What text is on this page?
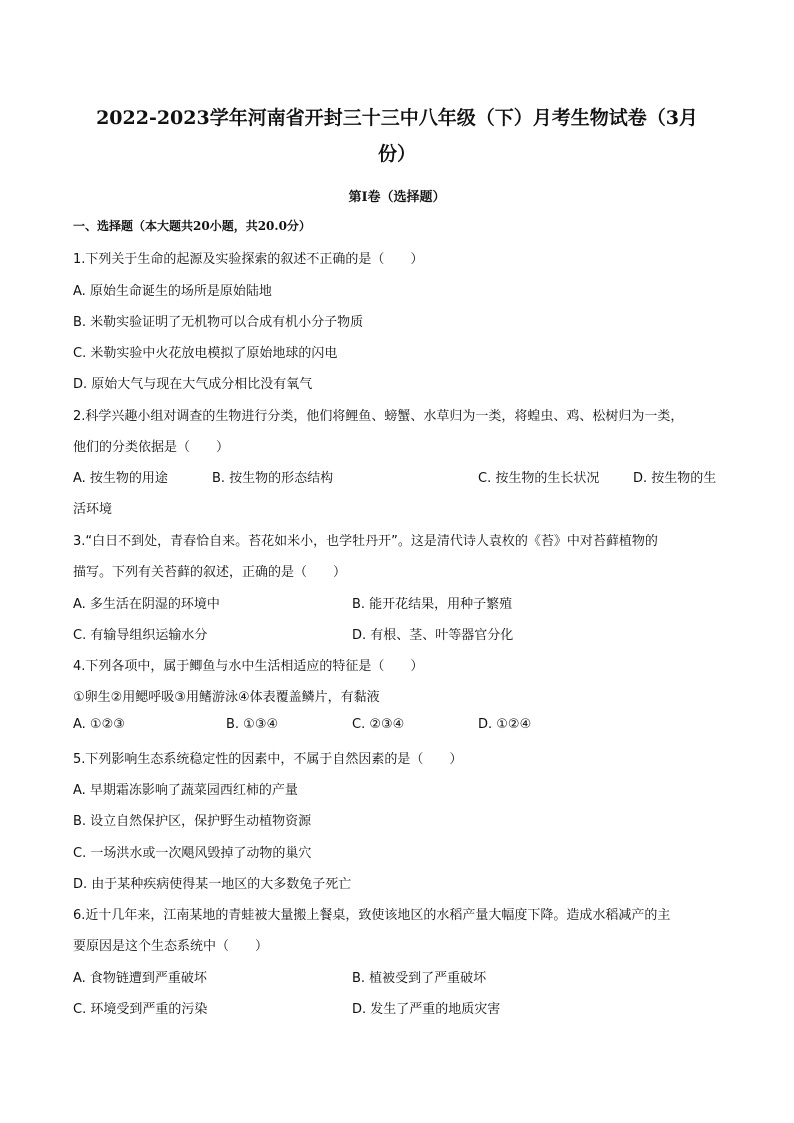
2022-2023学年河南省开封三十三中八年级（下）月考生物试卷（3月
份）
第I卷（选择题）
一、选择题（本大题共20小题，共20.0分）
1.下列关于生命的起源及实验探索的叙述不正确的是（　　）
A. 原始生命诞生的场所是原始陆地
B. 米勒实验证明了无机物可以合成有机小分子物质
C. 米勒实验中火花放电模拟了原始地球的闪电
D. 原始大气与现在大气成分相比没有氧气
2.科学兴趣小组对调查的生物进行分类，他们将鲤鱼、螃蟹、水草归为一类，将蝗虫、鸡、松树归为一类，
他们的分类依据是（　　）
A. 按生物的用途	B. 按生物的形态结构	C. 按生物的生长状况	D. 按生物的生
活环境
3.“白日不到处，青春恰自来。苔花如米小，也学牡丹开”。这是清代诗人袁枚的《苔》中对苔藓植物的
描写。下列有关苔藓的叙述，正确的是（　　）
A. 多生活在阴湿的环境中	B. 能开花结果，用种子繁殖
C. 有输导组织运输水分	D. 有根、茎、叶等器官分化
4.下列各项中，属于鲫鱼与水中生活相适应的特征是（　　）
①卵生②用鳃呼吸③用鳍游泳④体表覆盖鳞片，有黏液
A. ①②③	B. ①③④	C. ②③④	D. ①②④
5.下列影响生态系统稳定性的因素中，不属于自然因素的是（　　）
A. 早期霜冻影响了蔬菜园西红柿的产量
B. 设立自然保护区，保护野生动植物资源
C. 一场洪水或一次飓风毁掉了动物的巢穴
D. 由于某种疾病使得某一地区的大多数兔子死亡
6.近十几年来，江南某地的青蛙被大量搬上餐桌，致使该地区的水稻产量大幅度下降。造成水稻减产的主
要原因是这个生态系统中（　　）
A. 食物链遭到严重破坏	B. 植被受到了严重破坏
C. 环境受到严重的污染	D. 发生了严重的地质灾害
